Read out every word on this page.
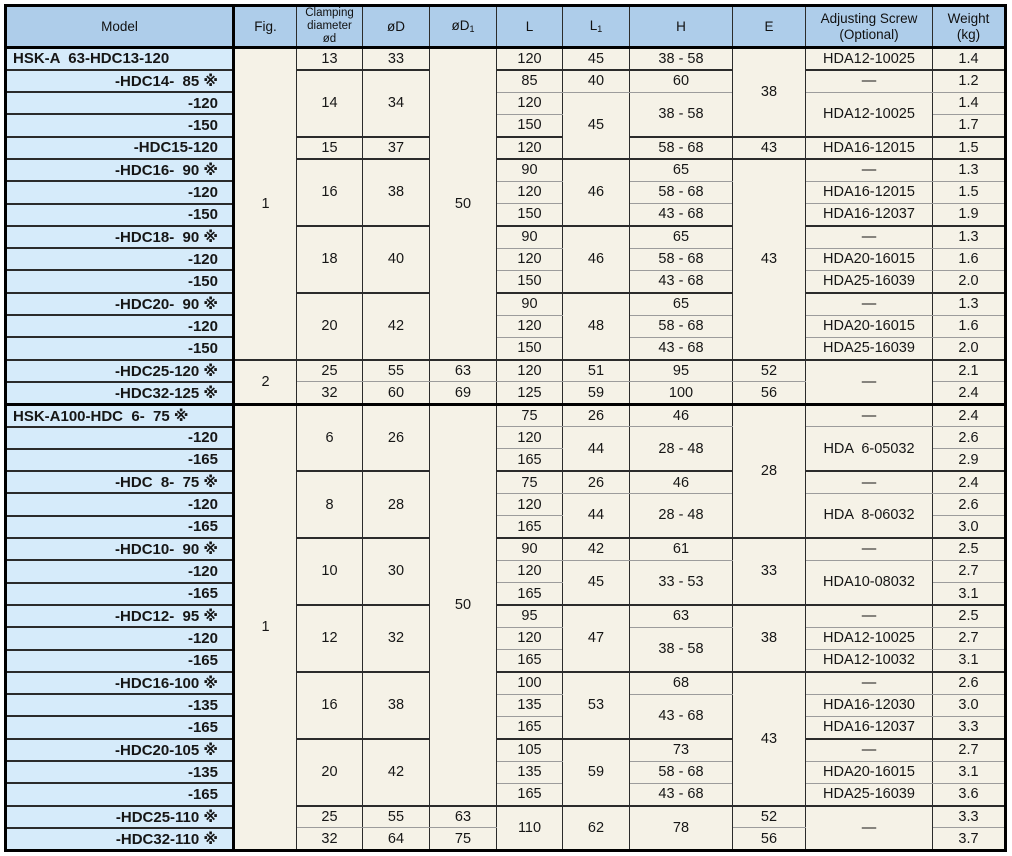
Model	Fig.	Clamping
diameter
ød	øD	$øD_1$	L	$L_1$	H	E	Adjusting Screw
(Optional)	Weight
(kg)
HSK-A  63-HDC13-120	1	13	33	50	120	45	38 - 58	38	HDA12-10025	1.4
-HDC14-  85 ※		14	34		85	40	60		—	1.2
-120					120	45	38 - 58		HDA12-10025	1.4
-150					150					1.7
-HDC15-120		15	37		120		58 - 68	43	HDA16-12015	1.5
-HDC16-  90 ※		16	38		90	46	65	43	—	1.3
-120					120		58 - 68		HDA16-12015	1.5
-150					150		43 - 68		HDA16-12037	1.9
-HDC18-  90 ※		18	40		90	46	65		—	1.3
-120					120		58 - 68		HDA20-16015	1.6
-150					150		43 - 68		HDA25-16039	2.0
-HDC20-  90 ※		20	42		90	48	65		—	1.3
-120					120		58 - 68		HDA20-16015	1.6
-150					150		43 - 68		HDA25-16039	2.0
-HDC25-120 ※	2	25	55	63	120	51	95	52	—	2.1
-HDC32-125 ※		32	60	69	125	59	100	56		2.4
HSK-A100-HDC  6-  75 ※	1	6	26	50	75	26	46	28	—	2.4
-120					120	44	28 - 48		HDA  6-05032	2.6
-165					165					2.9
-HDC  8-  75 ※		8	28		75	26	46		—	2.4
-120					120	44	28 - 48		HDA  8-06032	2.6
-165					165					3.0
-HDC10-  90 ※		10	30		90	42	61	33	—	2.5
-120					120	45	33 - 53		HDA10-08032	2.7
-165					165					3.1
-HDC12-  95 ※		12	32		95	47	63	38	—	2.5
-120					120		38 - 58		HDA12-10025	2.7
-165					165				HDA12-10032	3.1
-HDC16-100 ※		16	38		100	53	68	43	—	2.6
-135					135		43 - 68		HDA16-12030	3.0
-165					165				HDA16-12037	3.3
-HDC20-105 ※		20	42		105	59	73		—	2.7
-135					135		58 - 68		HDA20-16015	3.1
-165					165		43 - 68		HDA25-16039	3.6
-HDC25-110 ※		25	55	63	110	62	78	52	—	3.3
-HDC32-110 ※		32	64	75				56		3.7
